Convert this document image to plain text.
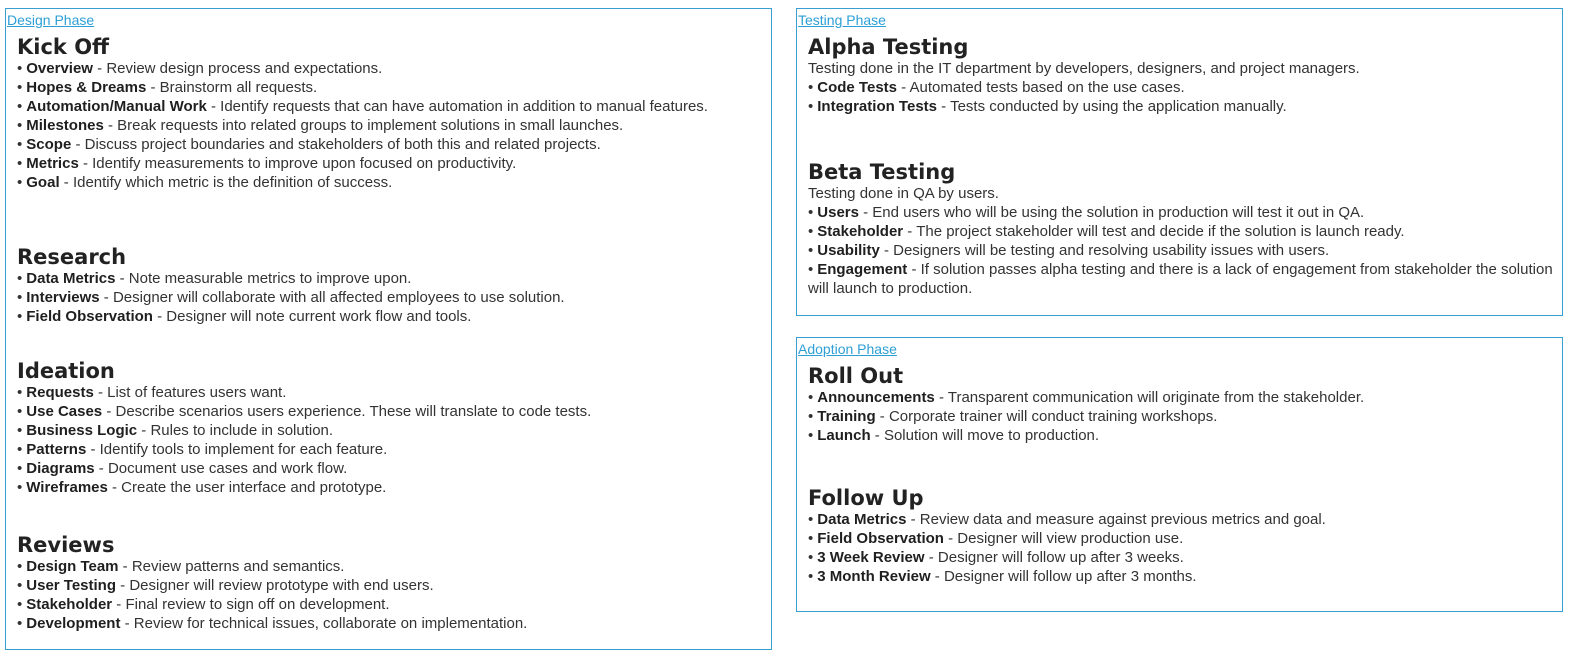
Design Phase
Kick Off
• Overview - Review design process and expectations.
• Hopes & Dreams - Brainstorm all requests.
• Automation/Manual Work - Identify requests that can have automation in addition to manual features.
• Milestones - Break requests into related groups to implement solutions in small launches.
• Scope - Discuss project boundaries and stakeholders of both this and related projects.
• Metrics - Identify measurements to improve upon focused on productivity.
• Goal - Identify which metric is the definition of success.
Research
• Data Metrics - Note measurable metrics to improve upon.
• Interviews - Designer will collaborate with all affected employees to use solution.
• Field Observation - Designer will note current work flow and tools.
Ideation
• Requests - List of features users want.
• Use Cases - Describe scenarios users experience. These will translate to code tests.
• Business Logic - Rules to include in solution.
• Patterns - Identify tools to implement for each feature.
• Diagrams - Document use cases and work flow.
• Wireframes - Create the user interface and prototype.
Reviews
• Design Team - Review patterns and semantics.
• User Testing - Designer will review prototype with end users.
• Stakeholder - Final review to sign off on development.
• Development - Review for technical issues, collaborate on implementation.
Testing Phase
Alpha Testing

Testing done in the IT department by developers, designers, and project managers.

• Code Tests - Automated tests based on the use cases.
• Integration Tests - Tests conducted by using the application manually.
Beta Testing

Testing done in QA by users.

• Users - End users who will be using the solution in production will test it out in QA.
• Stakeholder - The project stakeholder will test and decide if the solution is launch ready.
• Usability - Designers will be testing and resolving usability issues with users.
• Engagement - If solution passes alpha testing and there is a lack of engagement from stakeholder the solution will launch to production.
Adoption Phase
Roll Out
• Announcements - Transparent communication will originate from the stakeholder.
• Training - Corporate trainer will conduct training workshops.
• Launch - Solution will move to production.
Follow Up
• Data Metrics - Review data and measure against previous metrics and goal.
• Field Observation - Designer will view production use.
• 3 Week Review - Designer will follow up after 3 weeks.
• 3 Month Review - Designer will follow up after 3 months.
